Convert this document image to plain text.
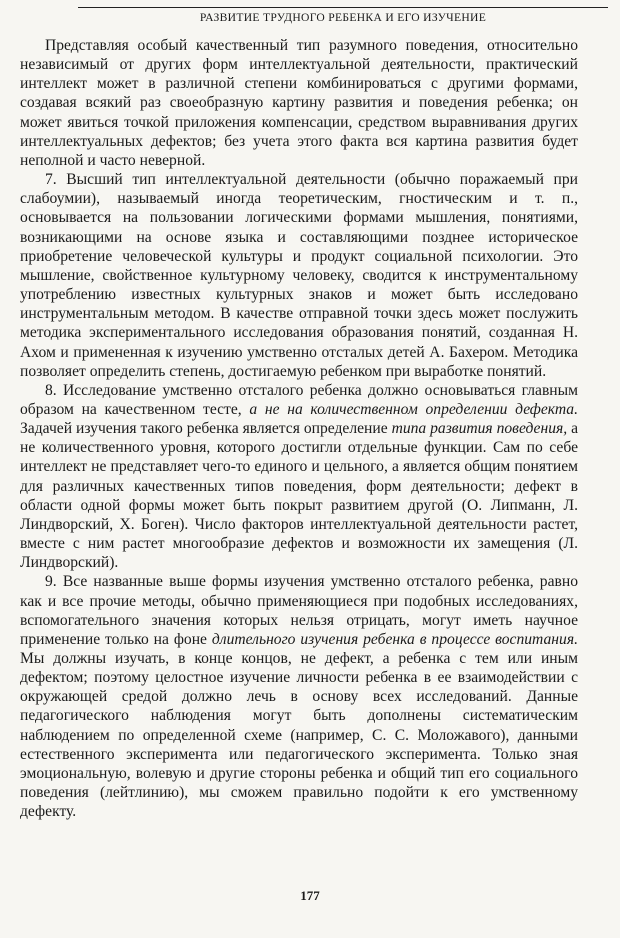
РАЗВИТИЕ ТРУДНОГО РЕБЕНКА И ЕГО ИЗУЧЕНИЕ

Представляя особый качественный тип разумного поведения, относительно независимый от других форм интеллектуальной деятельности, практический интеллект может в различной степени комбинироваться с другими формами, создавая всякий раз своеобразную картину развития и поведения ребенка; он может явиться точкой приложения компенсации, средством выравнивания других интеллектуальных дефектов; без учета этого факта вся картина развития будет неполной и часто неверной.

7. Высший тип интеллектуальной деятельности (обычно поражаемый при слабоумии), называемый иногда теоретическим, гностическим и т. п., основывается на пользовании логическими формами мышления, понятиями, возникающими на основе языка и составляющими позднее историческое приобретение человеческой культуры и продукт социальной психологии. Это мышление, свойственное культурному человеку, сводится к инструментальному употреблению известных культурных знаков и может быть исследовано инструментальным методом. В качестве отправной точки здесь может послужить методика экспериментального исследования образования понятий, созданная Н. Ахом и примененная к изучению умственно отсталых детей А. Бахером. Методика позволяет определить степень, достигаемую ребенком при выработке понятий.

8. Исследование умственно отсталого ребенка должно основываться главным образом на качественном тесте, а не на количественном определении дефекта. Задачей изучения такого ребенка является определение типа развития поведения, а не количественного уровня, которого достигли отдельные функции. Сам по себе интеллект не представляет чего-то единого и цельного, а является общим понятием для различных качественных типов поведения, форм деятельности; дефект в области одной формы может быть покрыт развитием другой (О. Липманн, Л. Линдворский, Х. Боген). Число факторов интеллектуальной деятельности растет, вместе с ним растет многообразие дефектов и возможности их замещения (Л. Линдворский).

9. Все названные выше формы изучения умственно отсталого ребенка, равно как и все прочие методы, обычно применяющиеся при подобных исследованиях, вспомогательного значения которых нельзя отрицать, могут иметь научное применение только на фоне длительного изучения ребенка в процессе воспитания. Мы должны изучать, в конце концов, не дефект, а ребенка с тем или иным дефектом; поэтому целостное изучение личности ребенка в ее взаимодействии с окружающей средой должно лечь в основу всех исследований. Данные педагогического наблюдения могут быть дополнены систематическим наблюдением по определенной схеме (например, С. С. Моложавого), данными естественного эксперимента или педагогического эксперимента. Только зная эмоциональную, волевую и другие стороны ребенка и общий тип его социального поведения (лейтлинию), мы сможем правильно подойти к его умственному дефекту.

177
